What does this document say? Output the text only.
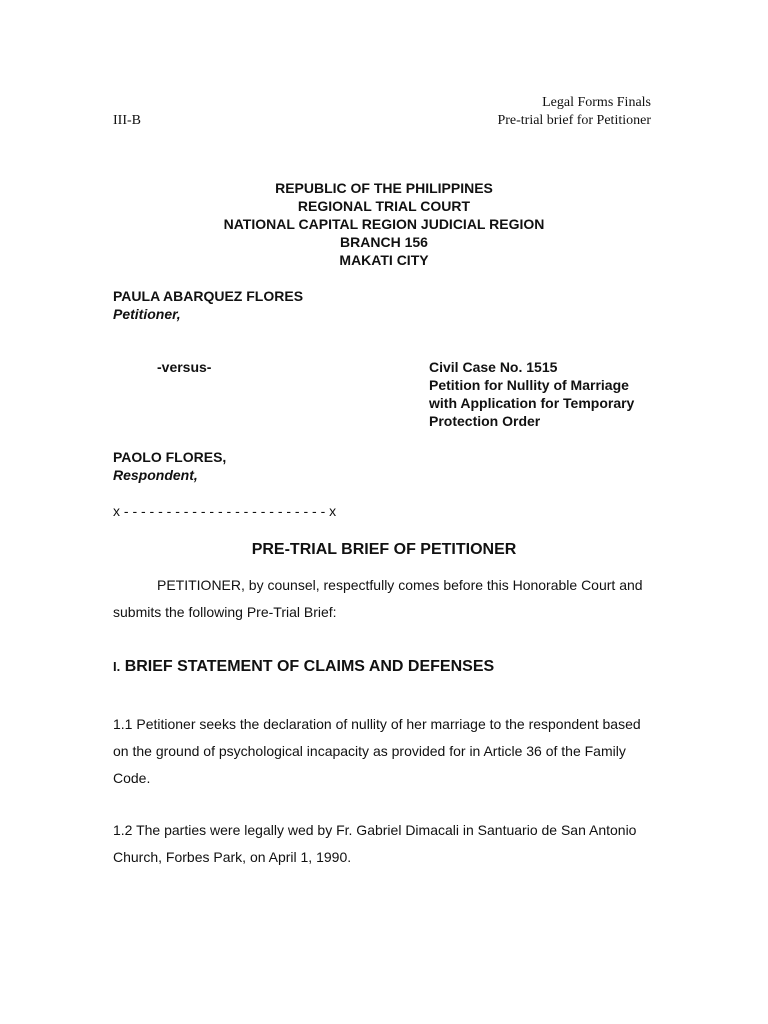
Legal Forms Finals
Pre-trial brief for Petitioner
III-B
REPUBLIC OF THE PHILIPPINES
REGIONAL TRIAL COURT
NATIONAL CAPITAL REGION JUDICIAL REGION
BRANCH 156
MAKATI CITY
PAULA ABARQUEZ FLORES
Petitioner,
-versus-	Civil Case No. 1515
Petition for Nullity of Marriage
with Application for Temporary
Protection Order
PAOLO FLORES,
Respondent,
x - - - - - - - - - - - - - - - - - - - - - - - - x
PRE-TRIAL BRIEF OF PETITIONER
PETITIONER, by counsel, respectfully comes before this Honorable Court and submits the following Pre-Trial Brief:
I. BRIEF STATEMENT OF CLAIMS AND DEFENSES
1.1 Petitioner seeks the declaration of nullity of her marriage to the respondent based on the ground of psychological incapacity as provided for in Article 36 of the Family Code.
1.2 The parties were legally wed by Fr. Gabriel Dimacali in Santuario de San Antonio Church, Forbes Park, on April 1, 1990.
